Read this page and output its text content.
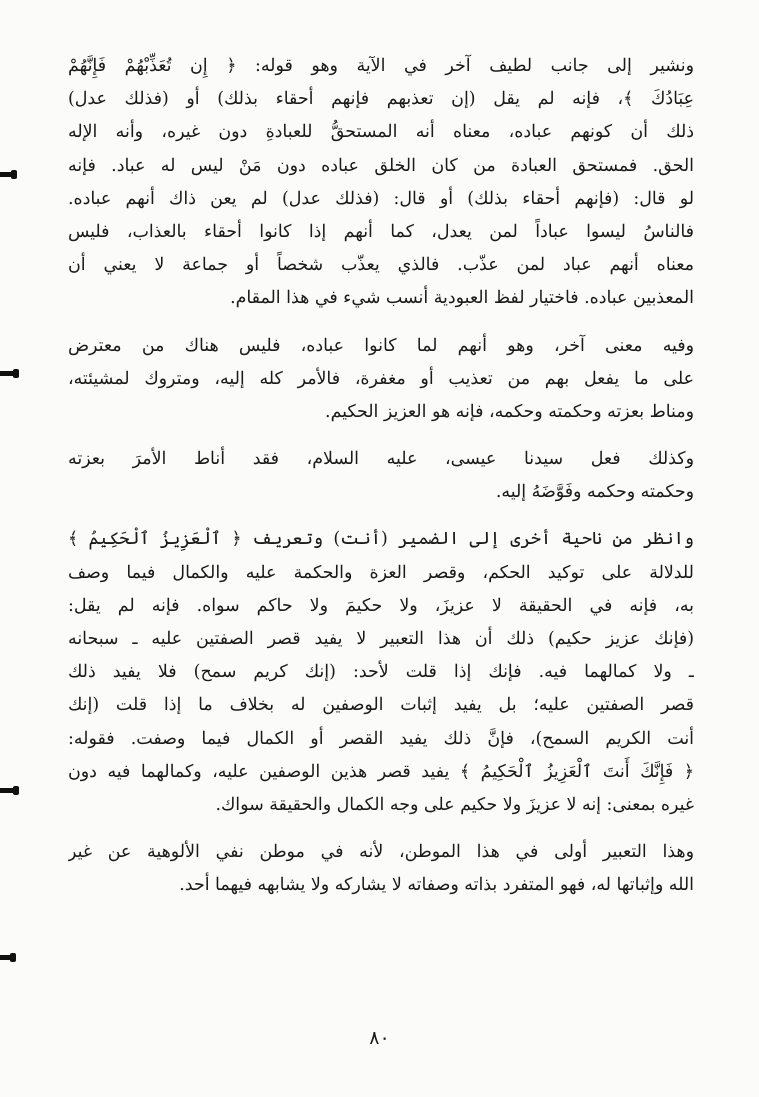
ونشير إلى جانب لطيف آخر في الآية وهو قوله: ﴿ إِن تُعَذِّبْهُمْ فَإِنَّهُمْ
عِبَادُكَ ﴾، فإنه لم يقل (إن تعذبهم فإنهم أحقاء بذلك) أو (فذلك عدل)
ذلك أن كونهم عباده، معناه أنه المستحقُّ للعبادةِ دون غيره، وأنه الإله
الحق. فمستحق العبادة من كان الخلق عباده دون مَنْ ليس له عباد. فإنه
لو قال: (فإنهم أحقاء بذلك) أو قال: (فذلك عدل) لم يعن ذاك أنهم عباده.
فالناسُ ليسوا عباداً لمن يعدل، كما أنهم إذا كانوا أحقاء بالعذاب، فليس
معناه أنهم عباد لمن عذّب. فالذي يعذّب شخصاً أو جماعة لا يعني أن
المعذبين عباده. فاختيار لفظ العبودية أنسب شيء في هذا المقام.
وفيه معنى آخر، وهو أنهم لما كانوا عباده، فليس هناك من معترض
على ما يفعل بهم من تعذيب أو مغفرة، فالأمر كله إليه، ومتروك لمشيئته،
ومناط بعزته وحكمته وحكمه، فإنه هو العزيز الحكيم.
وكذلك فعل سيدنا عيسى، عليه السلام، فقد أناط الأمرَ بعزته
وحكمته وحكمه وفَوَّضَهُ إليه.
وانظر من ناحية أخرى إلى الضمير (أنت) وتعريف ﴿ ٱلْعَزِيزُ ٱلْحَكِيمُ ﴾
للدلالة على توكيد الحكم، وقصر العزة والحكمة عليه والكمال فيما وصف
به، فإنه في الحقيقة لا عزيزَ، ولا حكيمَ ولا حاكم سواه. فإنه لم يقل:
(فإنك عزيز حكيم) ذلك أن هذا التعبير لا يفيد قصر الصفتين عليه ـ سبحانه
ـ ولا كمالهما فيه. فإنك إذا قلت لأحد: (إنك كريم سمح) فلا يفيد ذلك
قصر الصفتين عليه؛ بل يفيد إثبات الوصفين له بخلاف ما إذا قلت (إنك
أنت الكريم السمح)، فإنَّ ذلك يفيد القصر أو الكمال فيما وصفت. فقوله:
﴿ فَإِنَّكَ أَنتَ ٱلْعَزِيزُ ٱلْحَكِيمُ ﴾ يفيد قصر هذين الوصفين عليه، وكمالهما فيه دون
غيره بمعنى: إنه لا عزيزَ ولا حكيم على وجه الكمال والحقيقة سواك.
وهذا التعبير أولى في هذا الموطن، لأنه في موطن نفي الألوهية عن غير
الله وإثباتها له، فهو المتفرد بذاته وصفاته لا يشاركه ولا يشابهه فيهما أحد.
٨٠
